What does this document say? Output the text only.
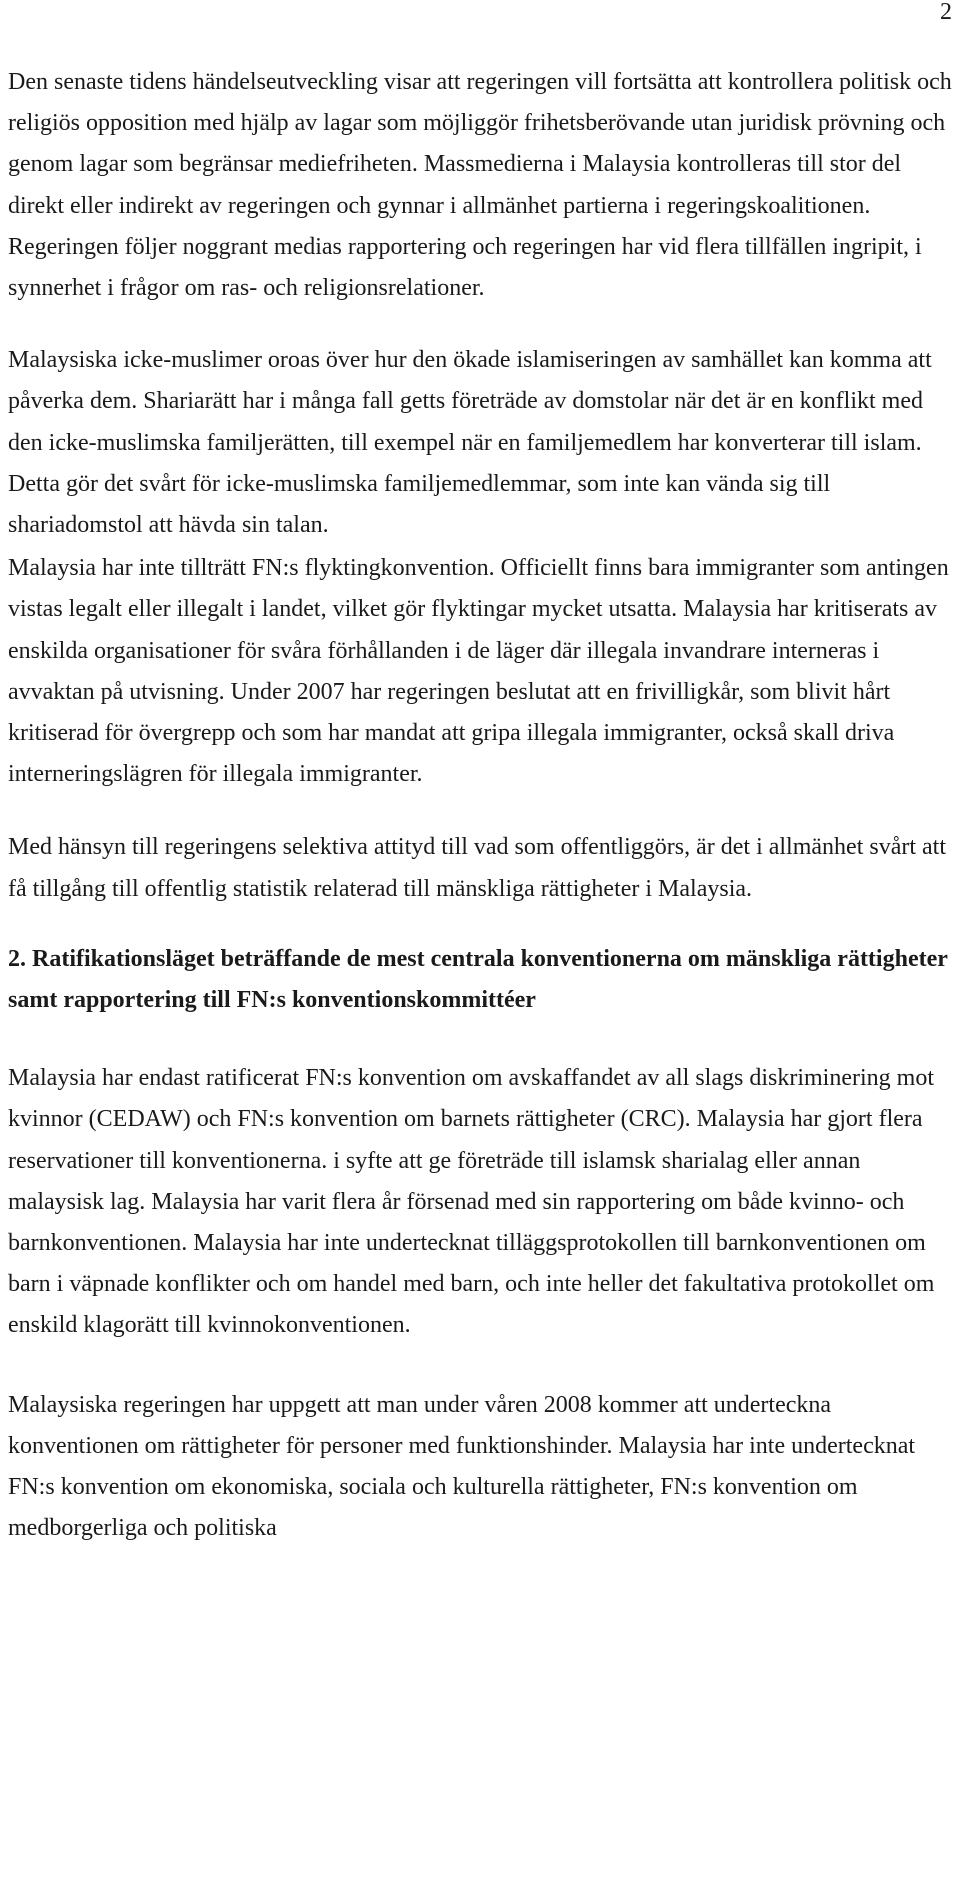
2

Den senaste tidens händelseutveckling visar att regeringen vill fortsätta att kontrollera politisk och religiös opposition med hjälp av lagar som möjliggör frihetsberövande utan juridisk prövning och genom lagar som begränsar mediefriheten. Massmedierna i Malaysia kontrolleras till stor del direkt eller indirekt av regeringen och gynnar i allmänhet partierna i regeringskoalitionen. Regeringen följer noggrant medias rapportering och regeringen har vid flera tillfällen ingripit, i synnerhet i frågor om ras- och religionsrelationer.

Malaysiska icke-muslimer oroas över hur den ökade islamiseringen av samhället kan komma att påverka dem. Shariarätt har i många fall getts företräde av domstolar när det är en konflikt med den icke-muslimska familjerätten, till exempel när en familjemedlem har konverterar till islam. Detta gör det svårt för icke-muslimska familjemedlemmar, som inte kan vända sig till shariadomstol att hävda sin talan.

Malaysia har inte tillträtt FN:s flyktingkonvention. Officiellt finns bara immigranter som antingen vistas legalt eller illegalt i landet, vilket gör flyktingar mycket utsatta. Malaysia har kritiserats av enskilda organisationer för svåra förhållanden i de läger där illegala invandrare interneras i avvaktan på utvisning. Under 2007 har regeringen beslutat att en frivilligkår, som blivit hårt kritiserad för övergrepp och som har mandat att gripa illegala immigranter, också skall driva interneringslägren för illegala immigranter.

Med hänsyn till regeringens selektiva attityd till vad som offentliggörs, är det i allmänhet svårt att få tillgång till offentlig statistik relaterad till mänskliga rättigheter i Malaysia.

2. Ratifikationsläget beträffande de mest centrala konventionerna om mänskliga rättigheter samt rapportering till FN:s konventionskommittéer

Malaysia har endast ratificerat FN:s konvention om avskaffandet av all slags diskriminering mot kvinnor (CEDAW) och FN:s konvention om barnets rättigheter (CRC). Malaysia har gjort flera reservationer till konventionerna. i syfte att ge företräde till islamsk sharialag eller annan malaysisk lag. Malaysia har varit flera år försenad med sin rapportering om både kvinno- och barnkonventionen. Malaysia har inte undertecknat tilläggsprotokollen till barnkonventionen om barn i väpnade konflikter och om handel med barn, och inte heller det fakultativa protokollet om enskild klagorätt till kvinnokonventionen.

Malaysiska regeringen har uppgett att man under våren 2008 kommer att underteckna konventionen om rättigheter för personer med funktionshinder. Malaysia har inte undertecknat FN:s konvention om ekonomiska, sociala och kulturella rättigheter, FN:s konvention om medborgerliga och politiska
